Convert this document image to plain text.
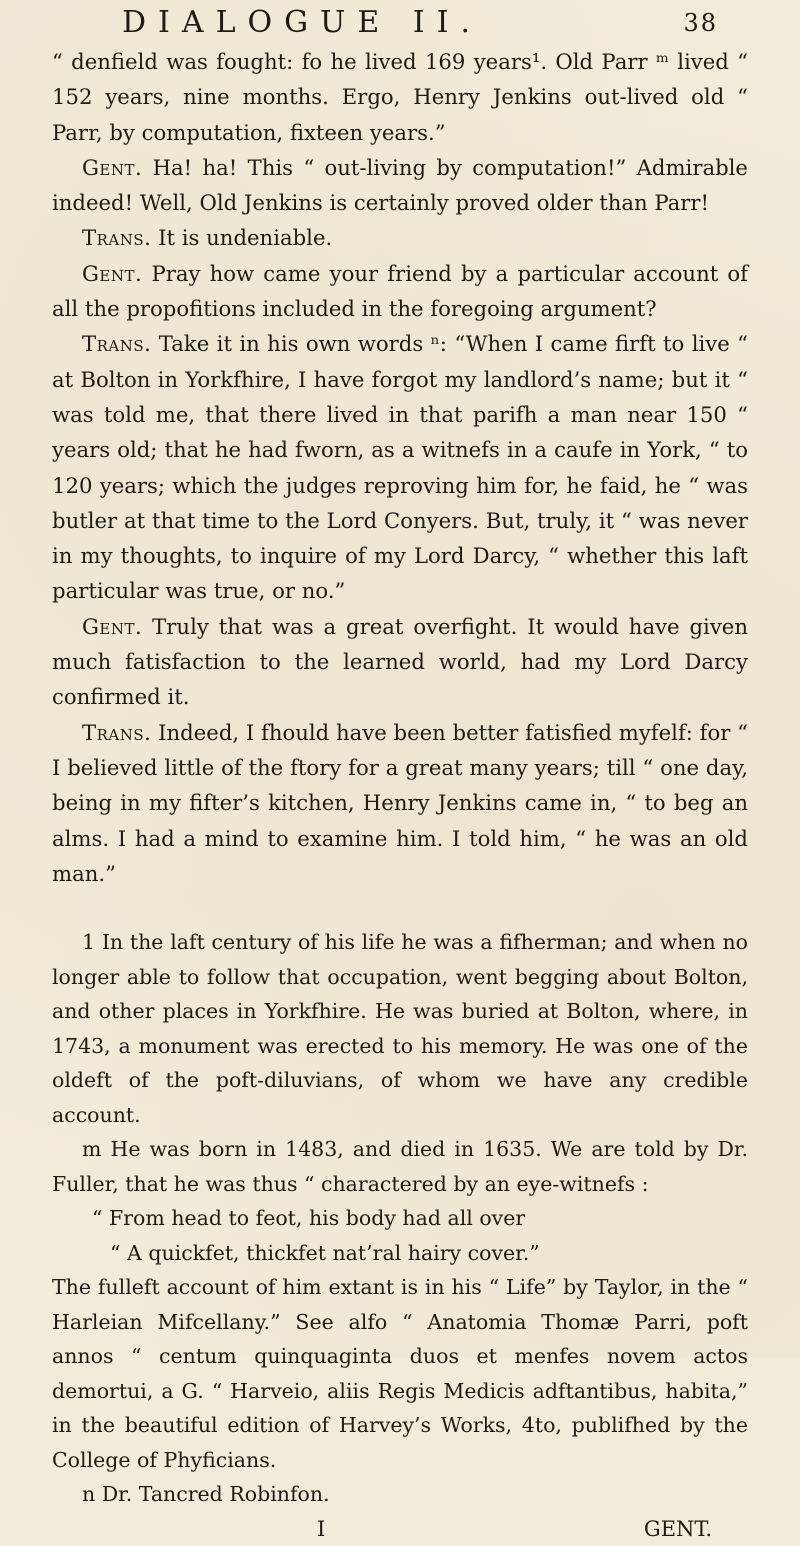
DIALOGUE II.	38

“ denfield was fought: fo he lived 169 years¹. Old Parr ᵐ lived “ 152 years, nine months. Ergo, Henry Jenkins out-lived old “ Parr, by computation, fixteen years.”

Gent. Ha! ha! This “ out-living by computation!” Admirable indeed! Well, Old Jenkins is certainly proved older than Parr!

Trans. It is undeniable.

Gent. Pray how came your friend by a particular account of all the propofitions included in the foregoing argument?

Trans. Take it in his own words ⁿ: “When I came firft to live “ at Bolton in Yorkfhire, I have forgot my landlord’s name; but it “ was told me, that there lived in that parifh a man near 150 “ years old; that he had fworn, as a witnefs in a caufe in York, “ to 120 years; which the judges reproving him for, he faid, he “ was butler at that time to the Lord Conyers. But, truly, it “ was never in my thoughts, to inquire of my Lord Darcy, “ whether this laft particular was true, or no.”

Gent. Truly that was a great overfight. It would have given much fatisfaction to the learned world, had my Lord Darcy confirmed it.

Trans. Indeed, I fhould have been better fatisfied myfelf: for “ I believed little of the ftory for a great many years; till “ one day, being in my fifter’s kitchen, Henry Jenkins came in, “ to beg an alms. I had a mind to examine him. I told him, “ he was an old man.”

1 In the laft century of his life he was a fifherman; and when no longer able to follow that occupation, went begging about Bolton, and other places in Yorkfhire. He was buried at Bolton, where, in 1743, a monument was erected to his memory. He was one of the oldeft of the poft-diluvians, of whom we have any credible account.

m He was born in 1483, and died in 1635. We are told by Dr. Fuller, that he was thus “ charactered by an eye-witnefs :

“ From head to feot, his body had all over

“ A quickfet, thickfet nat’ral hairy cover.”

The fulleft account of him extant is in his “ Life” by Taylor, in the “ Harleian Mifcellany.” See alfo “ Anatomia Thomæ Parri, poft annos “ centum quinquaginta duos et menfes novem actos demortui, a G. “ Harveio, aliis Regis Medicis adftantibus, habita,” in the beautiful edition of Harvey’s Works, 4to, publifhed by the College of Phyficians.

n Dr. Tancred Robinfon.

I	GENT.
